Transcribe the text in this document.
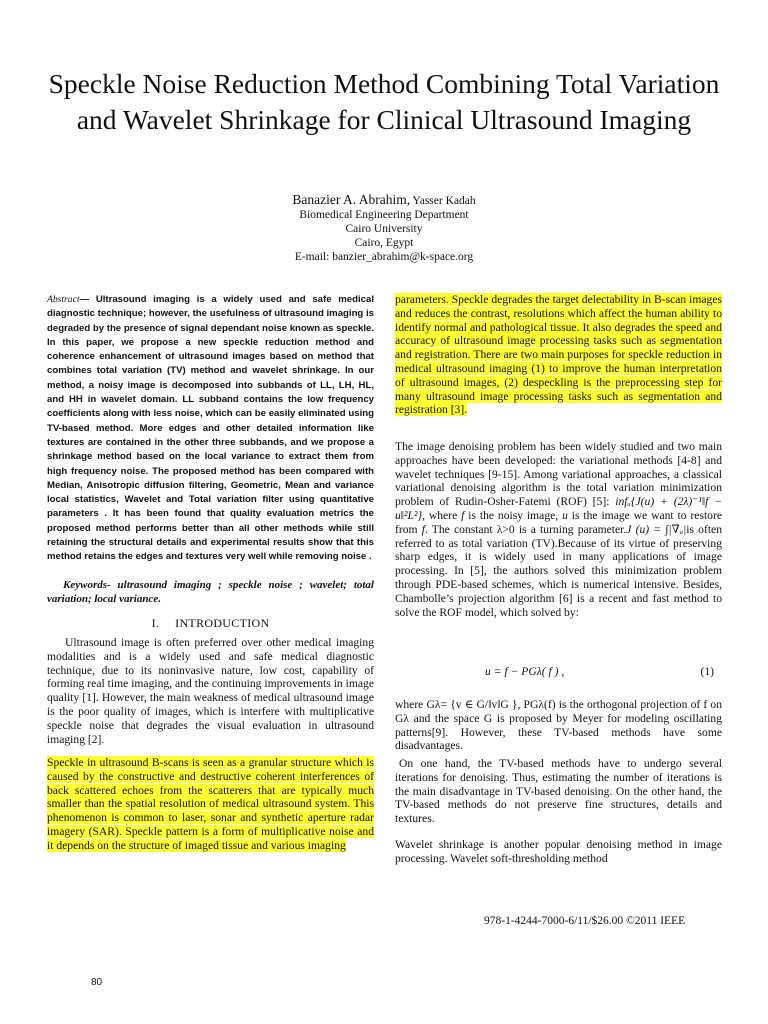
Speckle Noise Reduction Method Combining Total Variation and Wavelet Shrinkage for Clinical Ultrasound Imaging
Banazier A. Abrahim, Yasser Kadah
Biomedical Engineering Department
Cairo University
Cairo, Egypt
E-mail: banzier_abrahim@k-space.org
Abstract— Ultrasound imaging is a widely used and safe medical diagnostic technique; however, the usefulness of ultrasound imaging is degraded by the presence of signal dependant noise known as speckle. In this paper, we propose a new speckle reduction method and coherence enhancement of ultrasound images based on method that combines total variation (TV) method and wavelet shrinkage. In our method, a noisy image is decomposed into subbands of LL, LH, HL, and HH in wavelet domain. LL subband contains the low frequency coefficients along with less noise, which can be easily eliminated using TV-based method. More edges and other detailed information like textures are contained in the other three subbands, and we propose a shrinkage method based on the local variance to extract them from high frequency noise. The proposed method has been compared with Median, Anisotropic diffusion filtering, Geometric, Mean and variance local statistics, Wavelet and Total variation filter using quantitative parameters . It has been found that quality evaluation metrics the proposed method performs better than all other methods while still retaining the structural details and experimental results show that this method retains the edges and textures very well while removing noise .
Keywords- ultrasound imaging ; speckle noise ; wavelet; total variation; local variance.
I. INTRODUCTION
Ultrasound image is often preferred over other medical imaging modalities and is a widely used and safe medical diagnostic technique, due to its noninvasive nature, low cost, capability of forming real time imaging, and the continuing improvements in image quality [1]. However, the main weakness of medical ultrasound image is the poor quality of images, which is interfere with multiplicative speckle noise that degrades the visual evaluation in ultrasound imaging [2].
Speckle in ultrasound B-scans is seen as a granular structure which is caused by the constructive and destructive coherent interferences of back scattered echoes from the scatterers that are typically much smaller than the spatial resolution of medical ultrasound system. This phenomenon is common to laser, sonar and synthetic aperture radar imagery (SAR). Speckle pattern is a form of multiplicative noise and it depends on the structure of imaged tissue and various imaging
parameters. Speckle degrades the target delectability in B-scan images and reduces the contrast, resolutions which affect the human ability to identify normal and pathological tissue. It also degrades the speed and accuracy of ultrasound image processing tasks such as segmentation and registration. There are two main purposes for speckle reduction in medical ultrasound imaging (1) to improve the human interpretation of ultrasound images, (2) despeckling is the preprocessing step for many ultrasound image processing tasks such as segmentation and registration [3].
The image denoising problem has been widely studied and two main approaches have been developed: the variational methods [4-8] and wavelet techniques [9-15]. Among variational approaches, a classical variational denoising algorithm is the total variation minimization problem of Rudin-Osher-Fatemi (ROF) [5]: infᵤ{J(u) + (2λ)⁻¹‖f − u‖²L²}, where f is the noisy image, u is the image we want to restore from f. The constant λ>0 is a turning parameter.J (u) = ∫|∇ᵤ|is often referred to as total variation (TV).Because of its virtue of preserving sharp edges, it is widely used in many applications of image processing. In [5], the authors solved this minimization problem through PDE-based schemes, which is numerical intensive. Besides, Chambolle’s projection algorithm [6] is a recent and fast method to solve the ROF model, which solved by:
u = f − PGλ( f ) ,	(1)
where Gλ= {v ∈ G/‖v‖G }, PGλ(f) is the orthogonal projection of f on Gλ and the space G is proposed by Meyer for modeling oscillating patterns[9]. However, these TV-based methods have some disadvantages.
On one hand, the TV-based methods have to undergo several iterations for denoising. Thus, estimating the number of iterations is the main disadvantage in TV-based denoising. On the other hand, the TV-based methods do not preserve fine structures, details and textures.
Wavelet shrinkage is another popular denoising method in image processing. Wavelet soft-thresholding method
978-1-4244-7000-6/11/$26.00 ©2011 IEEE
80
